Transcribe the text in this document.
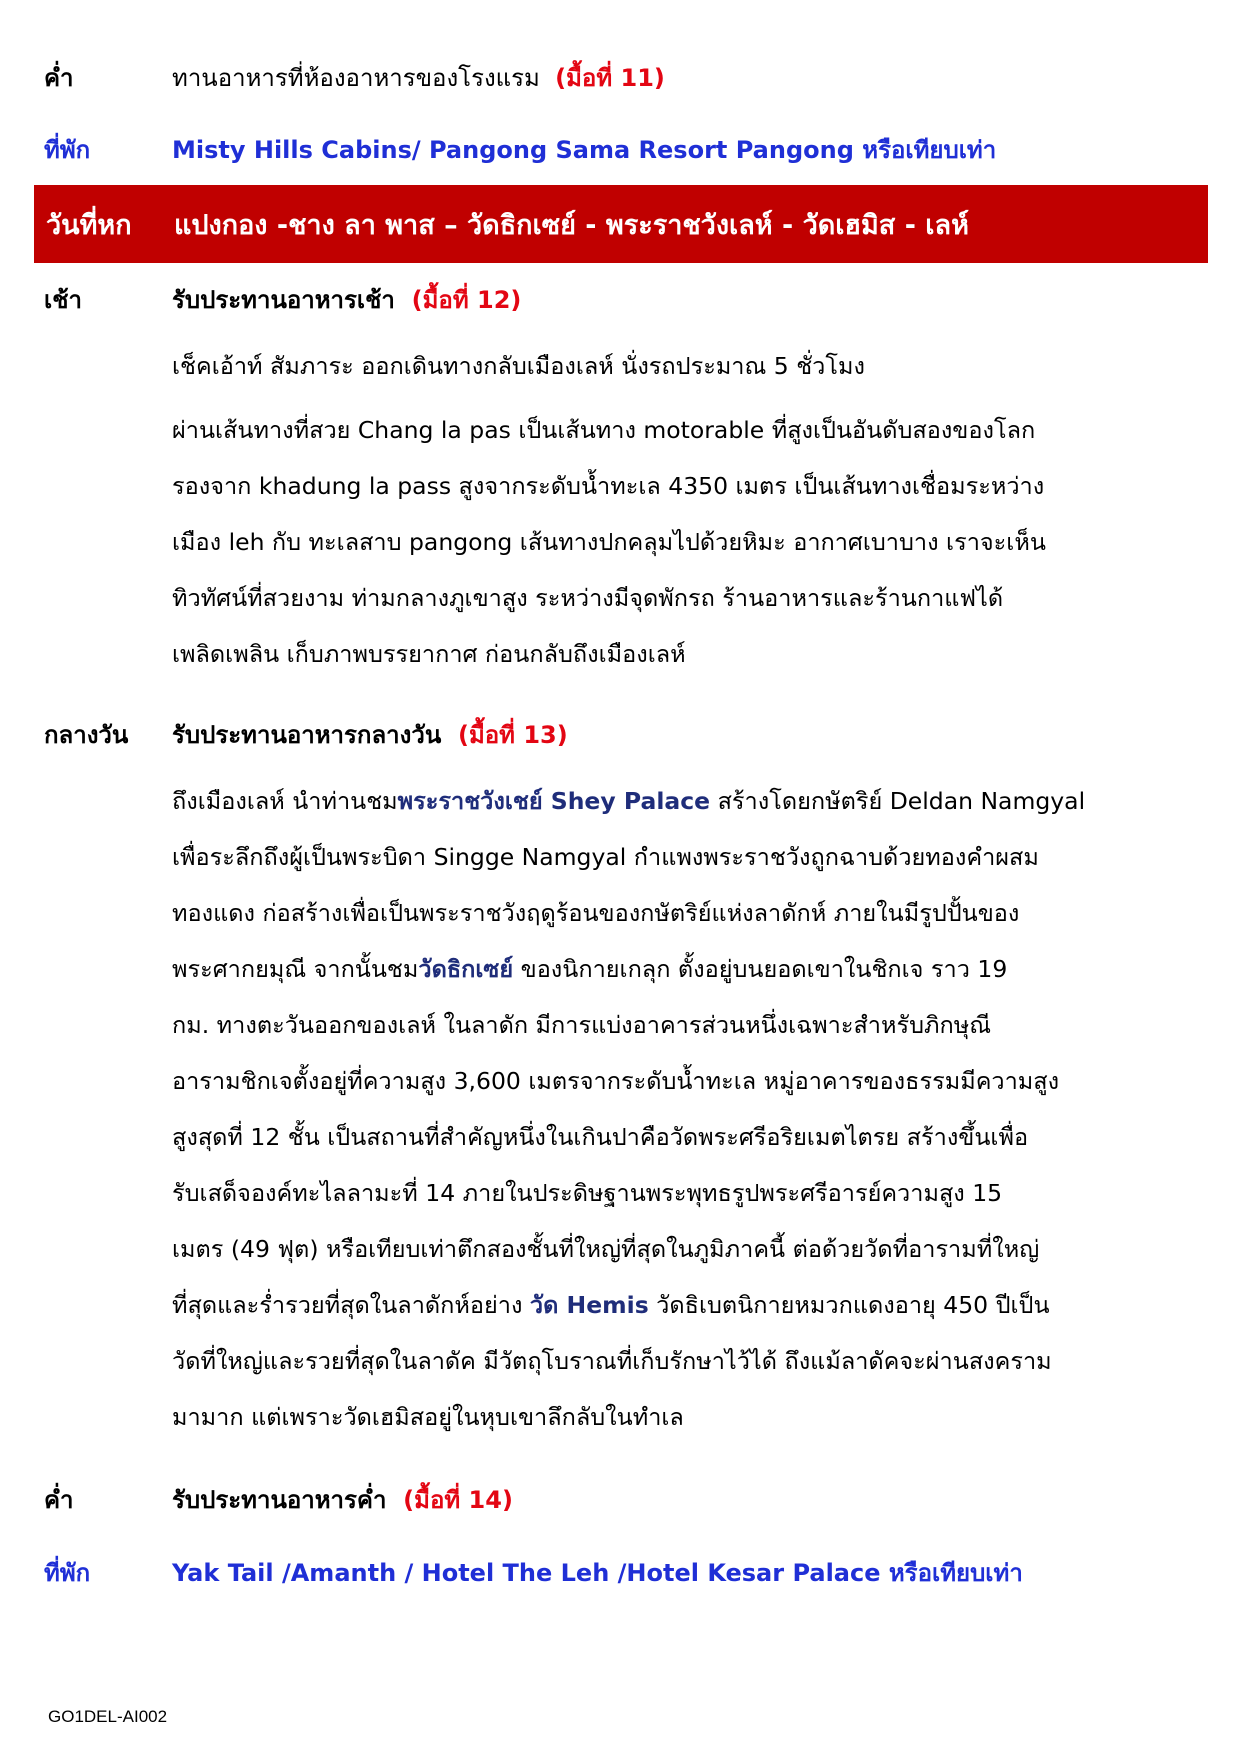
ค่ำ	ทานอาหารที่ห้องอาหารของโรงแรม (มื้อที่ 11)
ที่พัก	Misty Hills Cabins/ Pangong Sama Resort Pangong หรือเทียบเท่า
วันที่หก	แปงกอง -ชาง ลา พาส – วัดธิกเซย์ - พระราชวังเลห์ - วัดเฮมิส - เลห์
เช้า	รับประทานอาหารเช้า (มื้อที่ 12)

เช็คเอ้าท์ สัมภาระ ออกเดินทางกลับเมืองเลห์ นั่งรถประมาณ 5 ชั่วโมง

ผ่านเส้นทางที่สวย Chang la pas เป็นเส้นทาง motorable ที่สูงเป็นอันดับสองของโลก

รองจาก khadung la pass สูงจากระดับน้ำทะเล 4350 เมตร เป็นเส้นทางเชื่อมระหว่าง

เมือง leh กับ ทะเลสาบ pangong เส้นทางปกคลุมไปด้วยหิมะ อากาศเบาบาง เราจะเห็น

ทิวทัศน์ที่สวยงาม ท่ามกลางภูเขาสูง ระหว่างมีจุดพักรถ ร้านอาหารและร้านกาแฟได้

เพลิดเพลิน เก็บภาพบรรยากาศ ก่อนกลับถึงเมืองเลห์

กลางวัน	รับประทานอาหารกลางวัน (มื้อที่ 13)

ถึงเมืองเลห์ นำท่านชมพระราชวังเชย์ Shey Palace สร้างโดยกษัตริย์ Deldan Namgyal

เพื่อระลึกถึงผู้เป็นพระบิดา Singge Namgyal กำแพงพระราชวังถูกฉาบด้วยทองคำผสม

ทองแดง ก่อสร้างเพื่อเป็นพระราชวังฤดูร้อนของกษัตริย์แห่งลาดักห์ ภายในมีรูปปั้นของ

พระศากยมุณี จากนั้นชมวัดธิกเซย์ ของนิกายเกลุก ตั้งอยู่บนยอดเขาในชิกเจ ราว 19

กม. ทางตะวันออกของเลห์ ในลาดัก มีการแบ่งอาคารส่วนหนึ่งเฉพาะสำหรับภิกษุณี

อารามชิกเจตั้งอยู่ที่ความสูง 3,600 เมตรจากระดับน้ำทะเล หมู่อาคารของธรรมมีความสูง

สูงสุดที่ 12 ชั้น เป็นสถานที่สำคัญหนึ่งในเกินปาคือวัดพระศรีอริยเมตไตรย สร้างขึ้นเพื่อ

รับเสด็จองค์ทะไลลามะที่ 14 ภายในประดิษฐานพระพุทธรูปพระศรีอารย์ความสูง 15

เมตร (49 ฟุต) หรือเทียบเท่าตึกสองชั้นที่ใหญ่ที่สุดในภูมิภาคนี้ ต่อด้วยวัดที่อารามที่ใหญ่

ที่สุดและร่ำรวยที่สุดในลาดักห์อย่าง วัด Hemis วัดธิเบตนิกายหมวกแดงอายุ 450 ปีเป็น

วัดที่ใหญ่และรวยที่สุดในลาดัค มีวัตถุโบราณที่เก็บรักษาไว้ได้ ถึงแม้ลาดัคจะผ่านสงคราม

มามาก แต่เพราะวัดเฮมิสอยู่ในหุบเขาลึกลับในทำเล

ค่ำ	รับประทานอาหารค่ำ (มื้อที่ 14)
ที่พัก	Yak Tail /Amanth / Hotel The Leh /Hotel Kesar Palace หรือเทียบเท่า
GO1DEL-AI002
